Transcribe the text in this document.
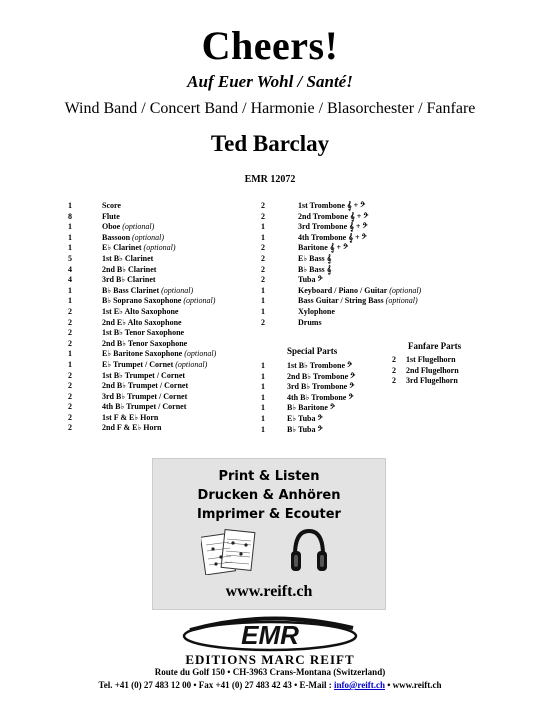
Cheers!
Auf Euer Wohl / Santé!
Wind Band / Concert Band / Harmonie / Blasorchester / Fanfare
Ted Barclay
EMR 12072
1	Score
8	Flute
1	Oboe (optional)
1	Bassoon (optional)
1	E♭ Clarinet (optional)
5	1st B♭ Clarinet
4	2nd B♭ Clarinet
4	3rd B♭ Clarinet
1	B♭ Bass Clarinet (optional)
1	B♭ Soprano Saxophone (optional)
2	1st E♭ Alto Saxophone
2	2nd E♭ Alto Saxophone
2	1st B♭ Tenor Saxophone
2	2nd B♭ Tenor Saxophone
1	E♭ Baritone Saxophone (optional)
1	E♭ Trumpet / Cornet (optional)
2	1st B♭ Trumpet / Cornet
2	2nd B♭ Trumpet / Cornet
2	3rd B♭ Trumpet / Cornet
2	4th B♭ Trumpet / Cornet
2	1st F & E♭ Horn
2	2nd F & E♭ Horn
2	1st Trombone 𝄞 + 𝄢
2	2nd Trombone 𝄞 + 𝄢
1	3rd Trombone 𝄞 + 𝄢
1	4th Trombone 𝄞 + 𝄢
2	Baritone 𝄞 + 𝄢
2	E♭ Bass 𝄞
2	B♭ Bass 𝄞
2	Tuba 𝄢
1	Keyboard / Piano / Guitar (optional)
1	Bass Guitar / String Bass (optional)
1	Xylophone
2	Drums
Special Parts
1	1st B♭ Trombone 𝄢
1	2nd B♭ Trombone 𝄢
1	3rd B♭ Trombone 𝄢
1	4th B♭ Trombone 𝄢
1	B♭ Baritone 𝄢
1	E♭ Tuba 𝄢
1	B♭ Tuba 𝄢
Fanfare Parts
2	1st Flugelhorn
2	2nd Flugelhorn
2	3rd Flugelhorn
Print & Listen
Drucken & Anhören
Imprimer & Ecouter
www.reift.ch
EMR
EDITIONS MARC REIFT
Route du Golf 150 • CH-3963 Crans-Montana (Switzerland)
Tel. +41 (0) 27 483 12 00 • Fax +41 (0) 27 483 42 43 • E-Mail : info@reift.ch • www.reift.ch
